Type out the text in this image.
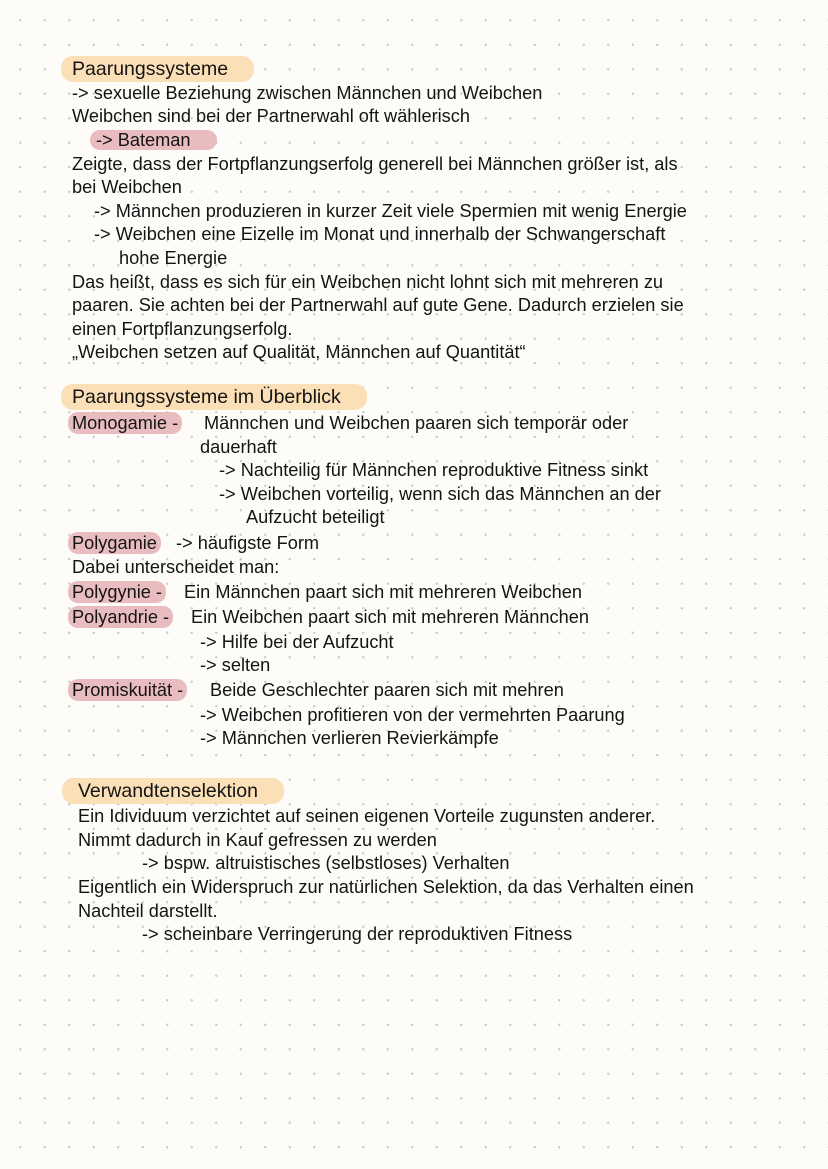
Paarungssysteme
-> sexuelle Beziehung zwischen Männchen und Weibchen
Weibchen sind bei der Partnerwahl oft wählerisch
-> Bateman
Zeigte, dass der Fortpflanzungserfolg generell bei Männchen größer ist, als
bei Weibchen
-> Männchen produzieren in kurzer Zeit viele Spermien mit wenig Energie
-> Weibchen eine Eizelle im Monat und innerhalb der Schwangerschaft
hohe Energie
Das heißt, dass es sich für ein Weibchen nicht lohnt sich mit mehreren zu
paaren. Sie achten bei der Partnerwahl auf gute Gene. Dadurch erzielen sie
einen Fortpflanzungserfolg.
„Weibchen setzen auf Qualität, Männchen auf Quantität“
Paarungssysteme im Überblick
Monogamie - Männchen und Weibchen paaren sich temporär oder
dauerhaft
-> Nachteilig für Männchen reproduktive Fitness sinkt
-> Weibchen vorteilig, wenn sich das Männchen an der
Aufzucht beteiligt
Polygamie -> häufigste Form
Dabei unterscheidet man:
Polygynie - Ein Männchen paart sich mit mehreren Weibchen
Polyandrie - Ein Weibchen paart sich mit mehreren Männchen
-> Hilfe bei der Aufzucht
-> selten
Promiskuität - Beide Geschlechter paaren sich mit mehren
-> Weibchen profitieren von der vermehrten Paarung
-> Männchen verlieren Revierkämpfe
Verwandtenselektion
Ein Idividuum verzichtet auf seinen eigenen Vorteile zugunsten anderer.
Nimmt dadurch in Kauf gefressen zu werden
-> bspw. altruistisches (selbstloses) Verhalten
Eigentlich ein Widerspruch zur natürlichen Selektion, da das Verhalten einen
Nachteil darstellt.
-> scheinbare Verringerung der reproduktiven Fitness
